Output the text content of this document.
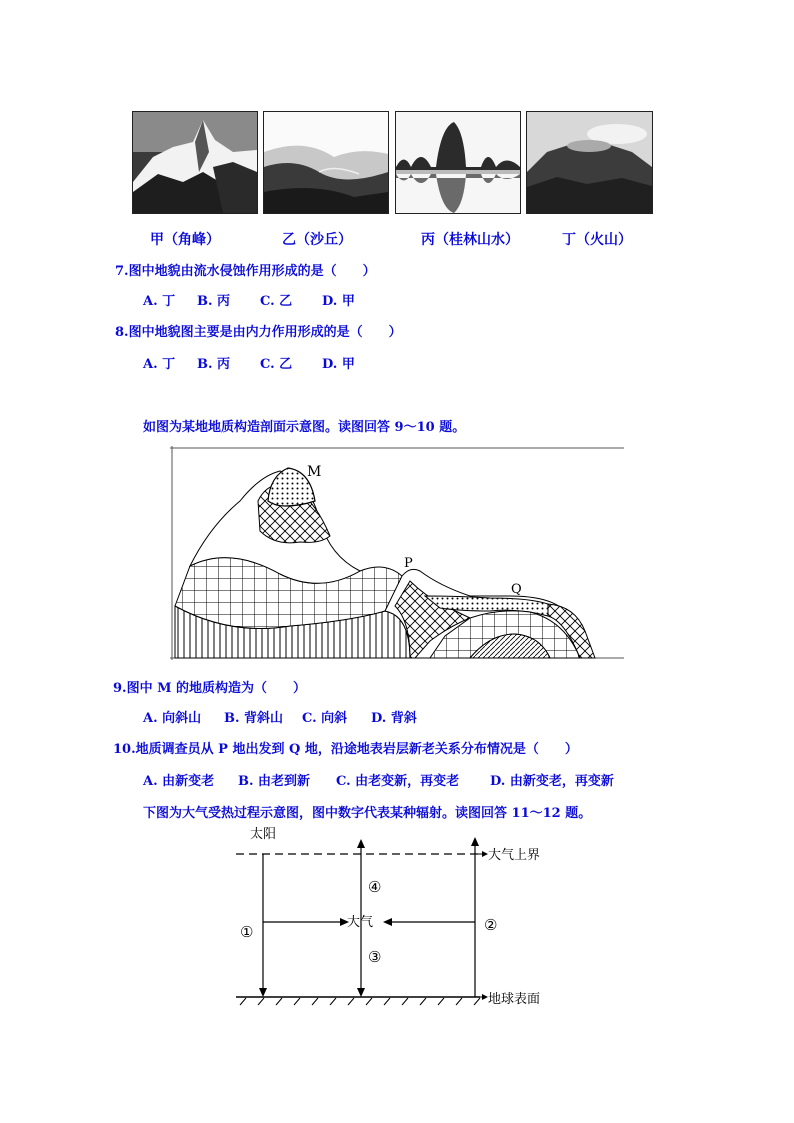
甲（角峰）	乙（沙丘）	丙（桂林山水）	丁（火山）
7.图中地貌由流水侵蚀作用形成的是（　　）
A. 丁 B. 丙 C. 乙 D. 甲
8.图中地貌图主要是由内力作用形成的是（　　）
A. 丁 B. 丙 C. 乙 D. 甲
如图为某地地质构造剖面示意图。读图回答 9～10 题。
M
P
Q
9.图中 M 的地质构造为（　　）
A. 向斜山 B. 背斜山 C. 向斜 D. 背斜
10.地质调查员从 P 地出发到 Q 地，沿途地表岩层新老关系分布情况是（　　）
A. 由新变老 B. 由老到新 C. 由老变新，再变老 D. 由新变老，再变新
下图为大气受热过程示意图，图中数字代表某种辐射。读图回答 11～12 题。
太阳
大气上界
大气
地球表面
①	②
③
④
